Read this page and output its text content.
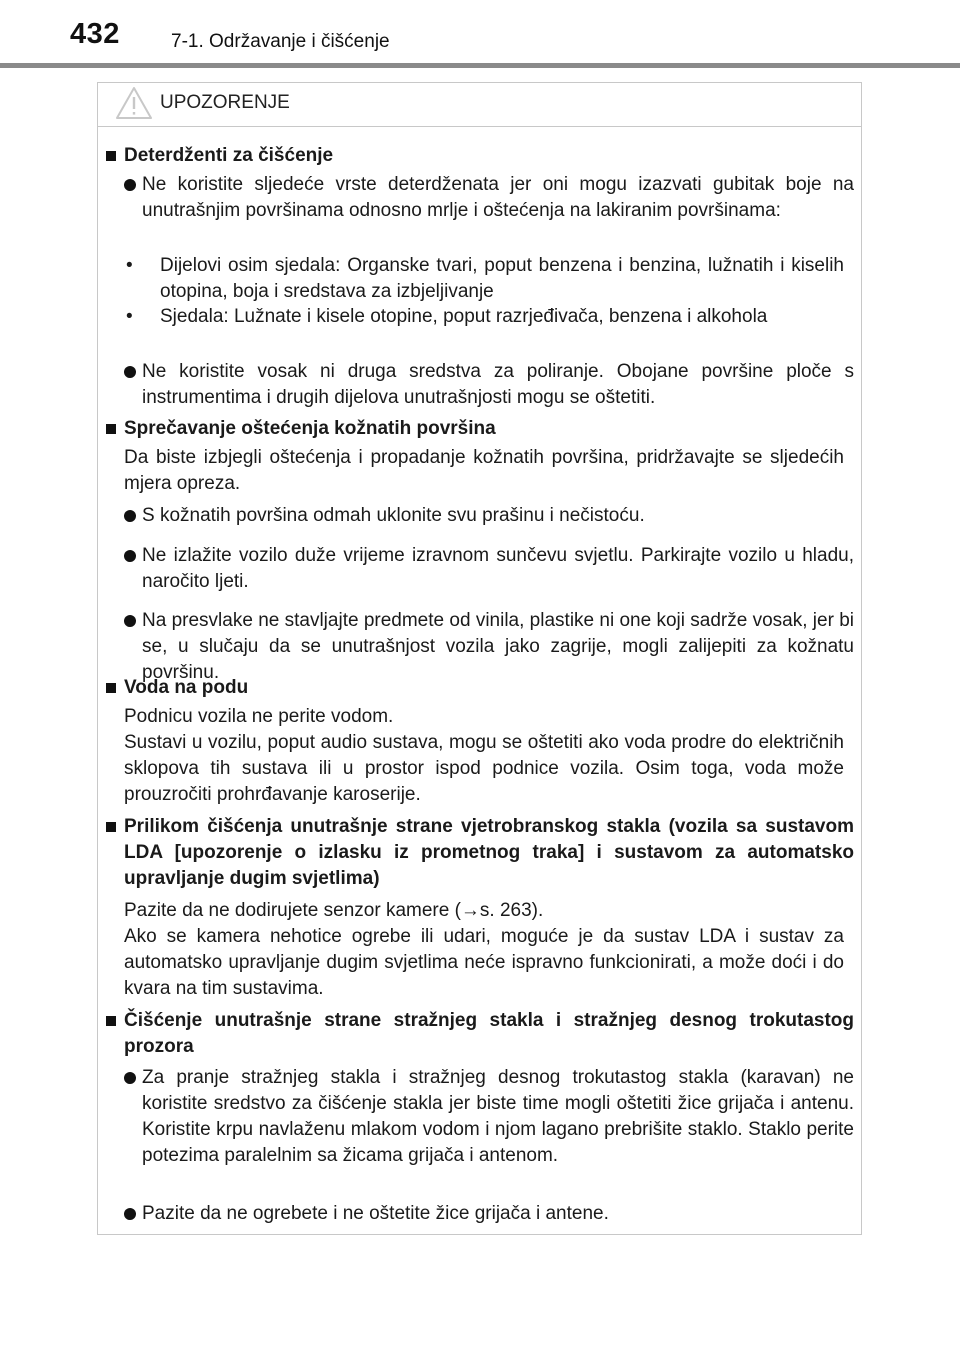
432	7-1. Održavanje i čišćenje
UPOZORENJE
Deterdženti za čišćenje
Ne koristite sljedeće vrste deterdženata jer oni mogu izazvati gubitak boje na unutrašnjim površinama odnosno mrlje i oštećenja na lakiranim površinama:
•	Dijelovi osim sjedala: Organske tvari, poput benzena i benzina, lužnatih i kiselih otopina, boja i sredstava za izbjeljivanje
•	Sjedala: Lužnate i kisele otopine, poput razrjeđivača, benzena i alkohola
Ne koristite vosak ni druga sredstva za poliranje. Obojane površine ploče s instrumentima i drugih dijelova unutrašnjosti mogu se oštetiti.
Sprečavanje oštećenja kožnatih površina
Da biste izbjegli oštećenja i propadanje kožnatih površina, pridržavajte se sljedećih mjera opreza.
S kožnatih površina odmah uklonite svu prašinu i nečistoću.
Ne izlažite vozilo duže vrijeme izravnom sunčevu svjetlu. Parkirajte vozilo u hladu, naročito ljeti.
Na presvlake ne stavljajte predmete od vinila, plastike ni one koji sadrže vosak, jer bi se, u slučaju da se unutrašnjost vozila jako zagrije, mogli zalijepiti za kožnatu površinu.
Voda na podu
Podnicu vozila ne perite vodom.
Sustavi u vozilu, poput audio sustava, mogu se oštetiti ako voda prodre do električnih sklopova tih sustava ili u prostor ispod podnice vozila. Osim toga, voda može prouzročiti prohrđavanje karoserije.
Prilikom čišćenja unutrašnje strane vjetrobranskog stakla (vozila sa sustavom LDA [upozorenje o izlasku iz prometnog traka] i sustavom za automatsko upravljanje dugim svjetlima)
Pazite da ne dodirujete senzor kamere (→s. 263).
Ako se kamera nehotice ogrebe ili udari, moguće je da sustav LDA i sustav za automatsko upravljanje dugim svjetlima neće ispravno funkcionirati, a može doći i do kvara na tim sustavima.
Čišćenje unutrašnje strane stražnjeg stakla i stražnjeg desnog trokutastog prozora
Za pranje stražnjeg stakla i stražnjeg desnog trokutastog stakla (karavan) ne koristite sredstvo za čišćenje stakla jer biste time mogli oštetiti žice grijača i antenu. Koristite krpu navlaženu mlakom vodom i njom lagano prebrišite staklo. Staklo perite potezima paralelnim sa žicama grijača i antenom.
Pazite da ne ogrebete i ne oštetite žice grijača i antene.
